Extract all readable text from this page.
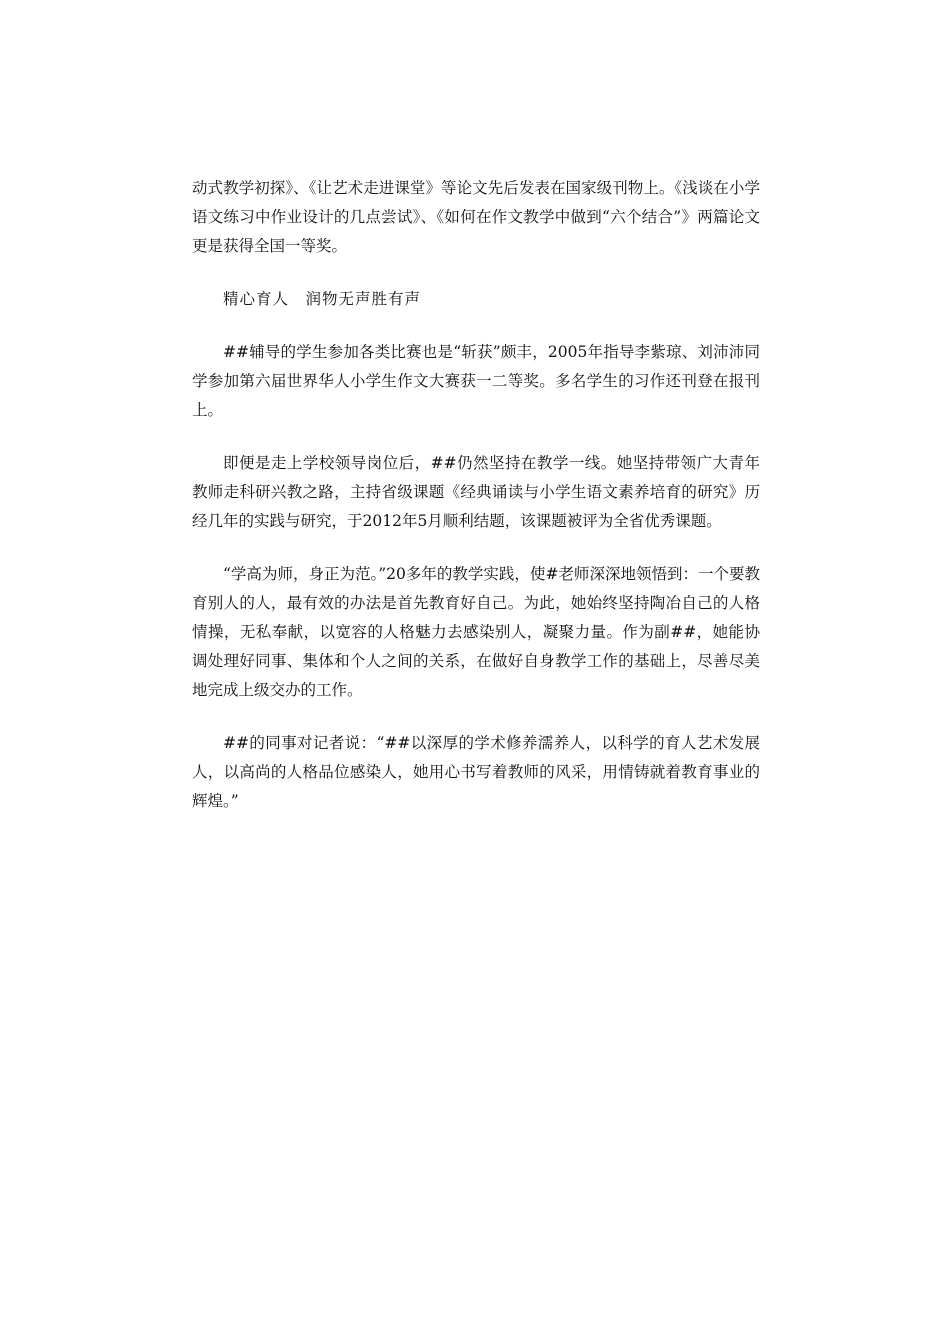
动式教学初探》、《让艺术走进课堂》等论文先后发表在国家级刊物上。《浅谈在小学语文练习中作业设计的几点尝试》、《如何在作文教学中做到“六个结合”》两篇论文更是获得全国一等奖。

精心育人　润物无声胜有声

##辅导的学生参加各类比赛也是“斩获”颇丰，2005年指导李紫琼、刘沛沛同学参加第六届世界华人小学生作文大赛获一二等奖。多名学生的习作还刊登在报刊上。

即便是走上学校领导岗位后，##仍然坚持在教学一线。她坚持带领广大青年教师走科研兴教之路，主持省级课题《经典诵读与小学生语文素养培育的研究》历经几年的实践与研究，于2012年5月顺利结题，该课题被评为全省优秀课题。

“学高为师，身正为范。”20多年的教学实践，使#老师深深地领悟到：一个要教育别人的人，最有效的办法是首先教育好自己。为此，她始终坚持陶冶自己的人格情操，无私奉献，以宽容的人格魅力去感染别人，凝聚力量。作为副##，她能协调处理好同事、集体和个人之间的关系，在做好自身教学工作的基础上，尽善尽美地完成上级交办的工作。

##的同事对记者说：“##以深厚的学术修养濡养人，以科学的育人艺术发展人，以高尚的人格品位感染人，她用心书写着教师的风采，用情铸就着教育事业的辉煌。”
